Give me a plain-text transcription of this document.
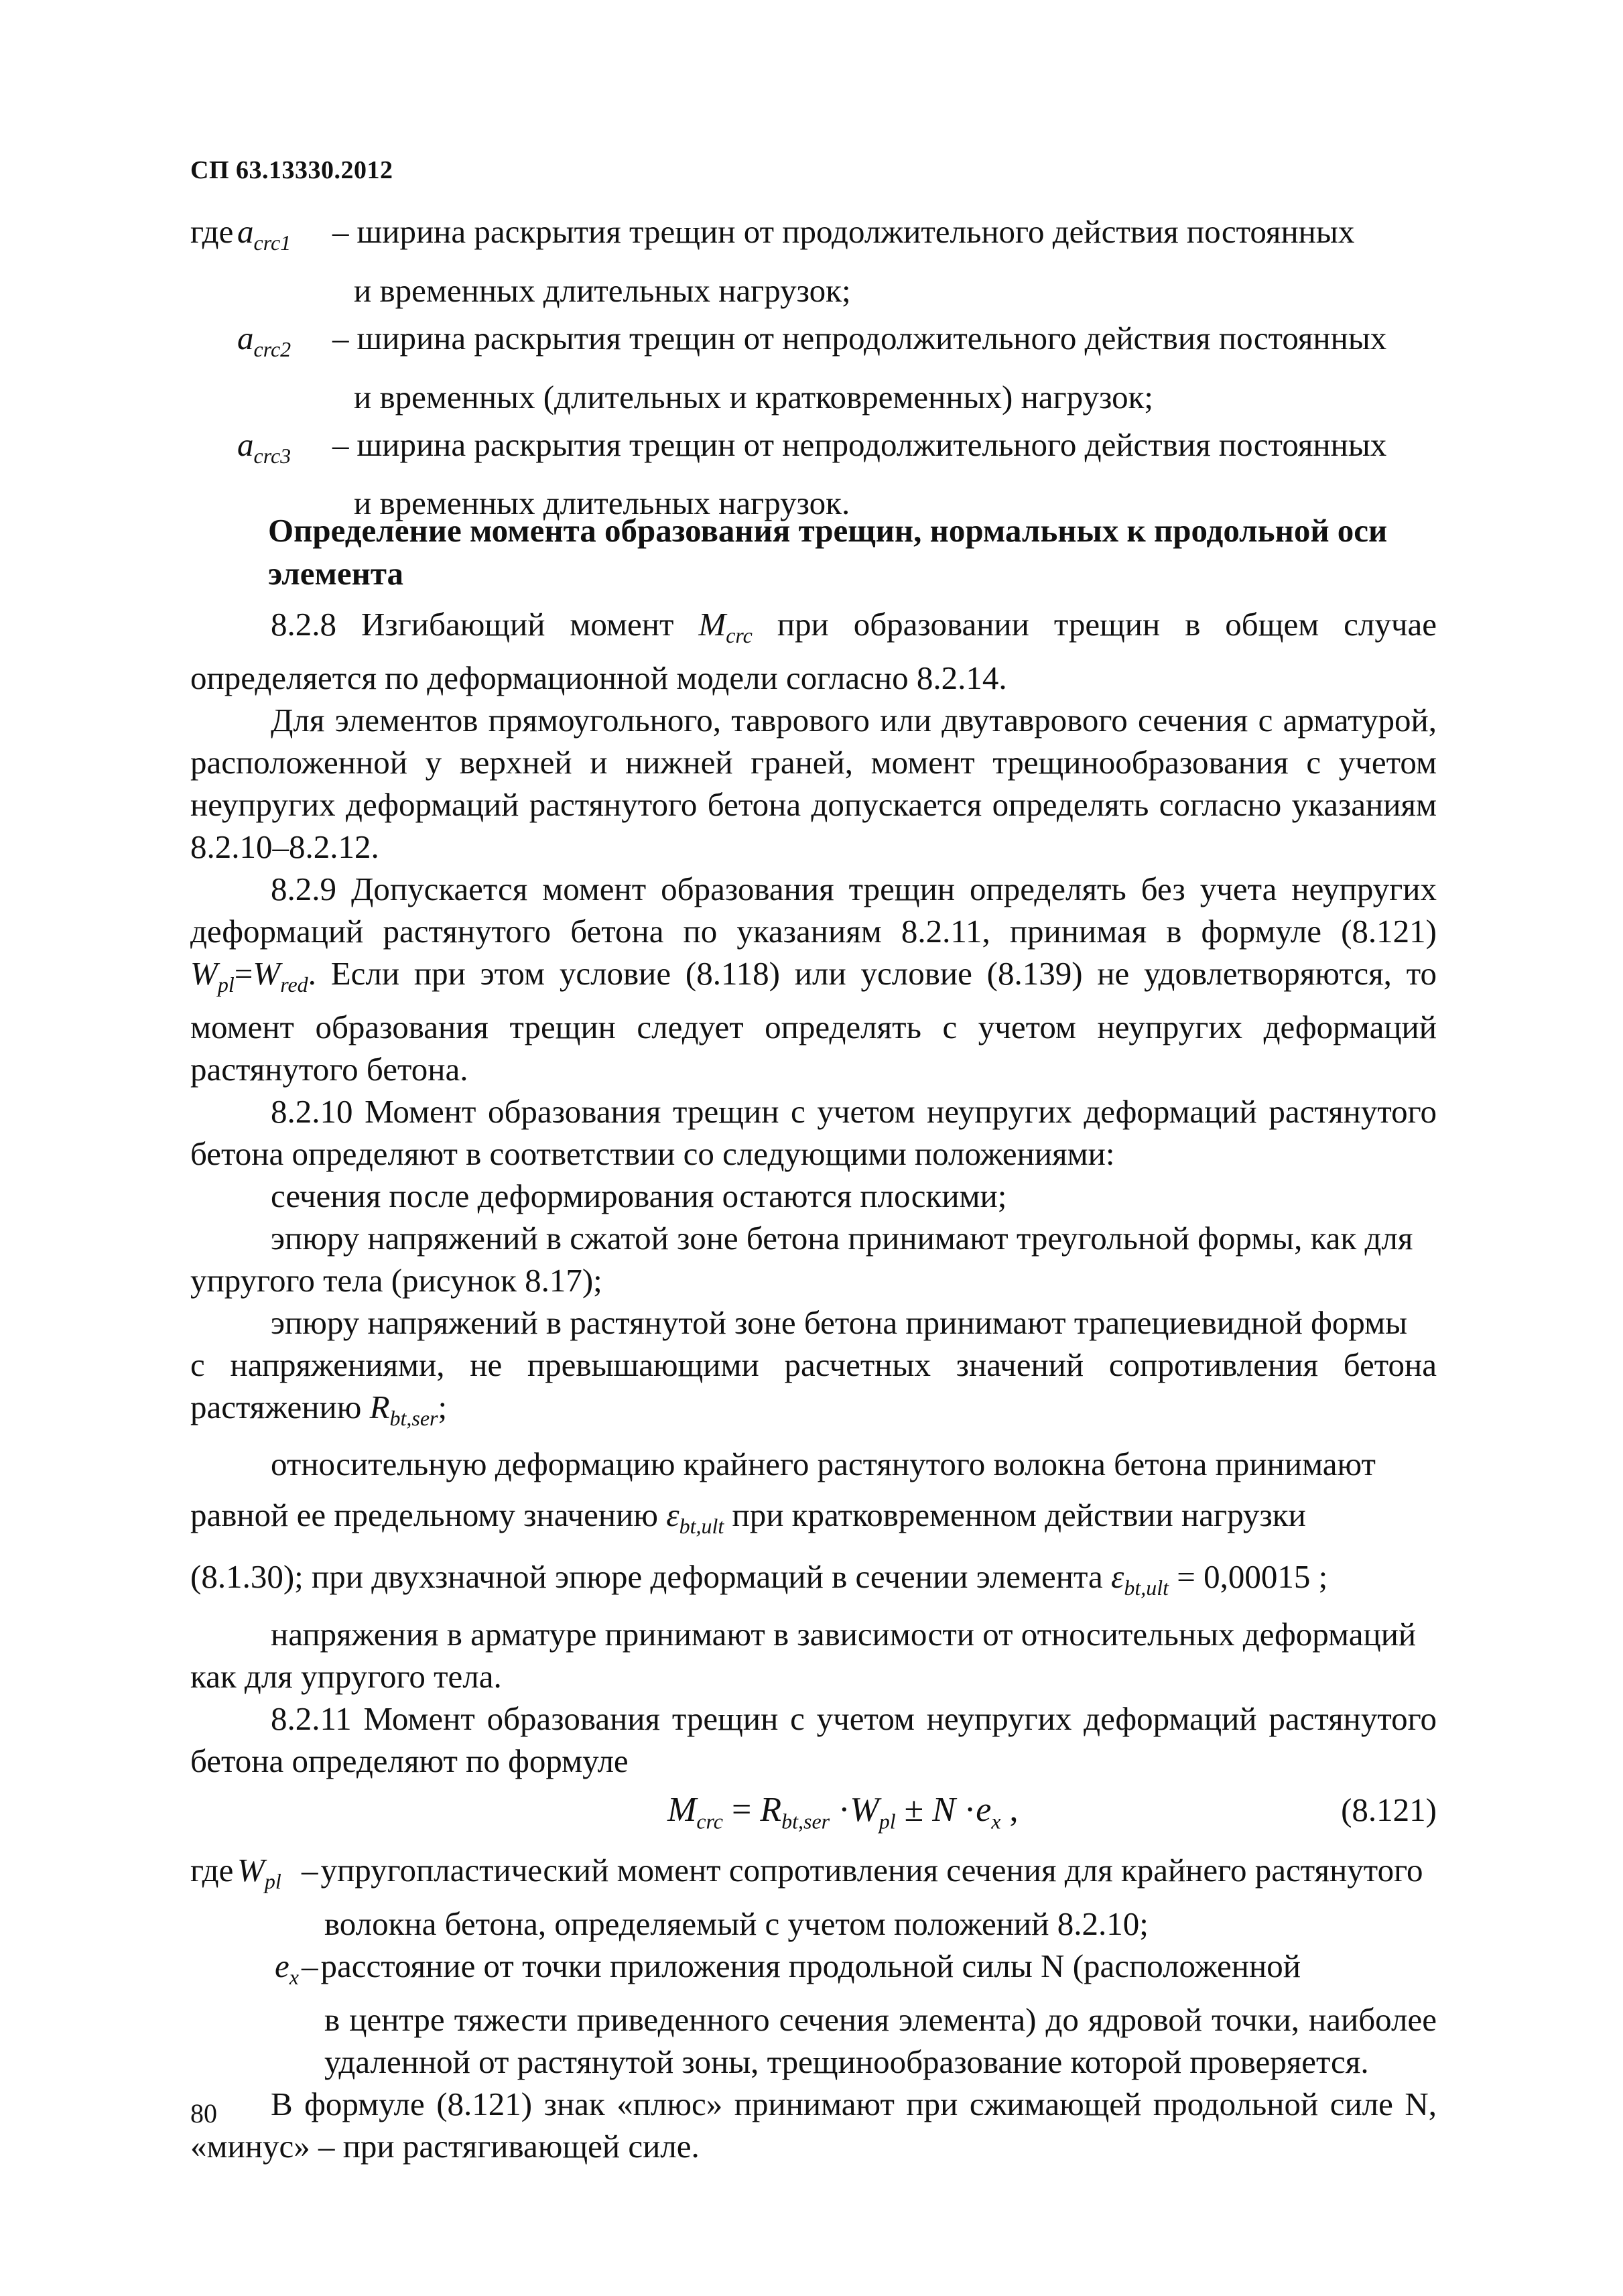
СП 63.13330.2012
где $a_{crc1}$	– ширина раскрытия трещин от продолжительного действия постоянных
и временных длительных нагрузок;
$a_{crc2}$	– ширина раскрытия трещин от непродолжительного действия постоянных
и временных (длительных и кратковременных) нагрузок;
$a_{crc3}$	– ширина раскрытия трещин от непродолжительного действия постоянных
и временных длительных нагрузок.
Определение момента образования трещин, нормальных к продольной оси элемента

8.2.8 Изгибающий момент $M_{crc}$ при образовании трещин в общем случае определяется по деформационной модели согласно 8.2.14.

Для элементов прямоугольного, таврового или двутаврового сечения с арматурой, расположенной у верхней и нижней граней, момент трещинообразования с учетом неупругих деформаций растянутого бетона допускается определять согласно указаниям 8.2.10–8.2.12.

8.2.9 Допускается момент образования трещин определять без учета неупругих деформаций растянутого бетона по указаниям 8.2.11, принимая в формуле (8.121) $W_{pl}=W_{red}$. Если при этом условие (8.118) или условие (8.139) не удовлетворяются, то момент образования трещин следует определять с учетом неупругих деформаций растянутого бетона.

8.2.10 Момент образования трещин с учетом неупругих деформаций растянутого бетона определяют в соответствии со следующими положениями:

сечения после деформирования остаются плоскими;

эпюру напряжений в сжатой зоне бетона принимают треугольной формы, как для

упругого тела (рисунок 8.17);

эпюру напряжений в растянутой зоне бетона принимают трапециевидной формы

с напряжениями, не превышающими расчетных значений сопротивления бетона растяжению $R_{bt,ser}$;

относительную деформацию крайнего растянутого волокна бетона принимают

равной ее предельному значению $\varepsilon_{bt,ult}$ при кратковременном действии нагрузки

(8.1.30); при двухзначной эпюре деформаций в сечении элемента $\varepsilon_{bt,ult} = 0,00015$ ;

напряжения в арматуре принимают в зависимости от относительных деформаций

как для упругого тела.

8.2.11 Момент образования трещин с учетом неупругих деформаций растянутого бетона определяют по формуле

$M_{crc} = R_{bt,ser} \cdot W_{pl} \pm N \cdot e_x$ ,	(8.121)
где $W_{pl}$ – упругопластический момент сопротивления сечения для крайнего растянутого
волокна бетона, определяемый с учетом положений 8.2.10;
$e_x$ – расстояние от точки приложения продольной силы N (расположенной
в центре тяжести приведенного сечения элемента) до ядровой точки, наиболее удаленной от растянутой зоны, трещинообразование которой проверяется.

В формуле (8.121) знак «плюс» принимают при сжимающей продольной силе N, «минус» – при растягивающей силе.

80
